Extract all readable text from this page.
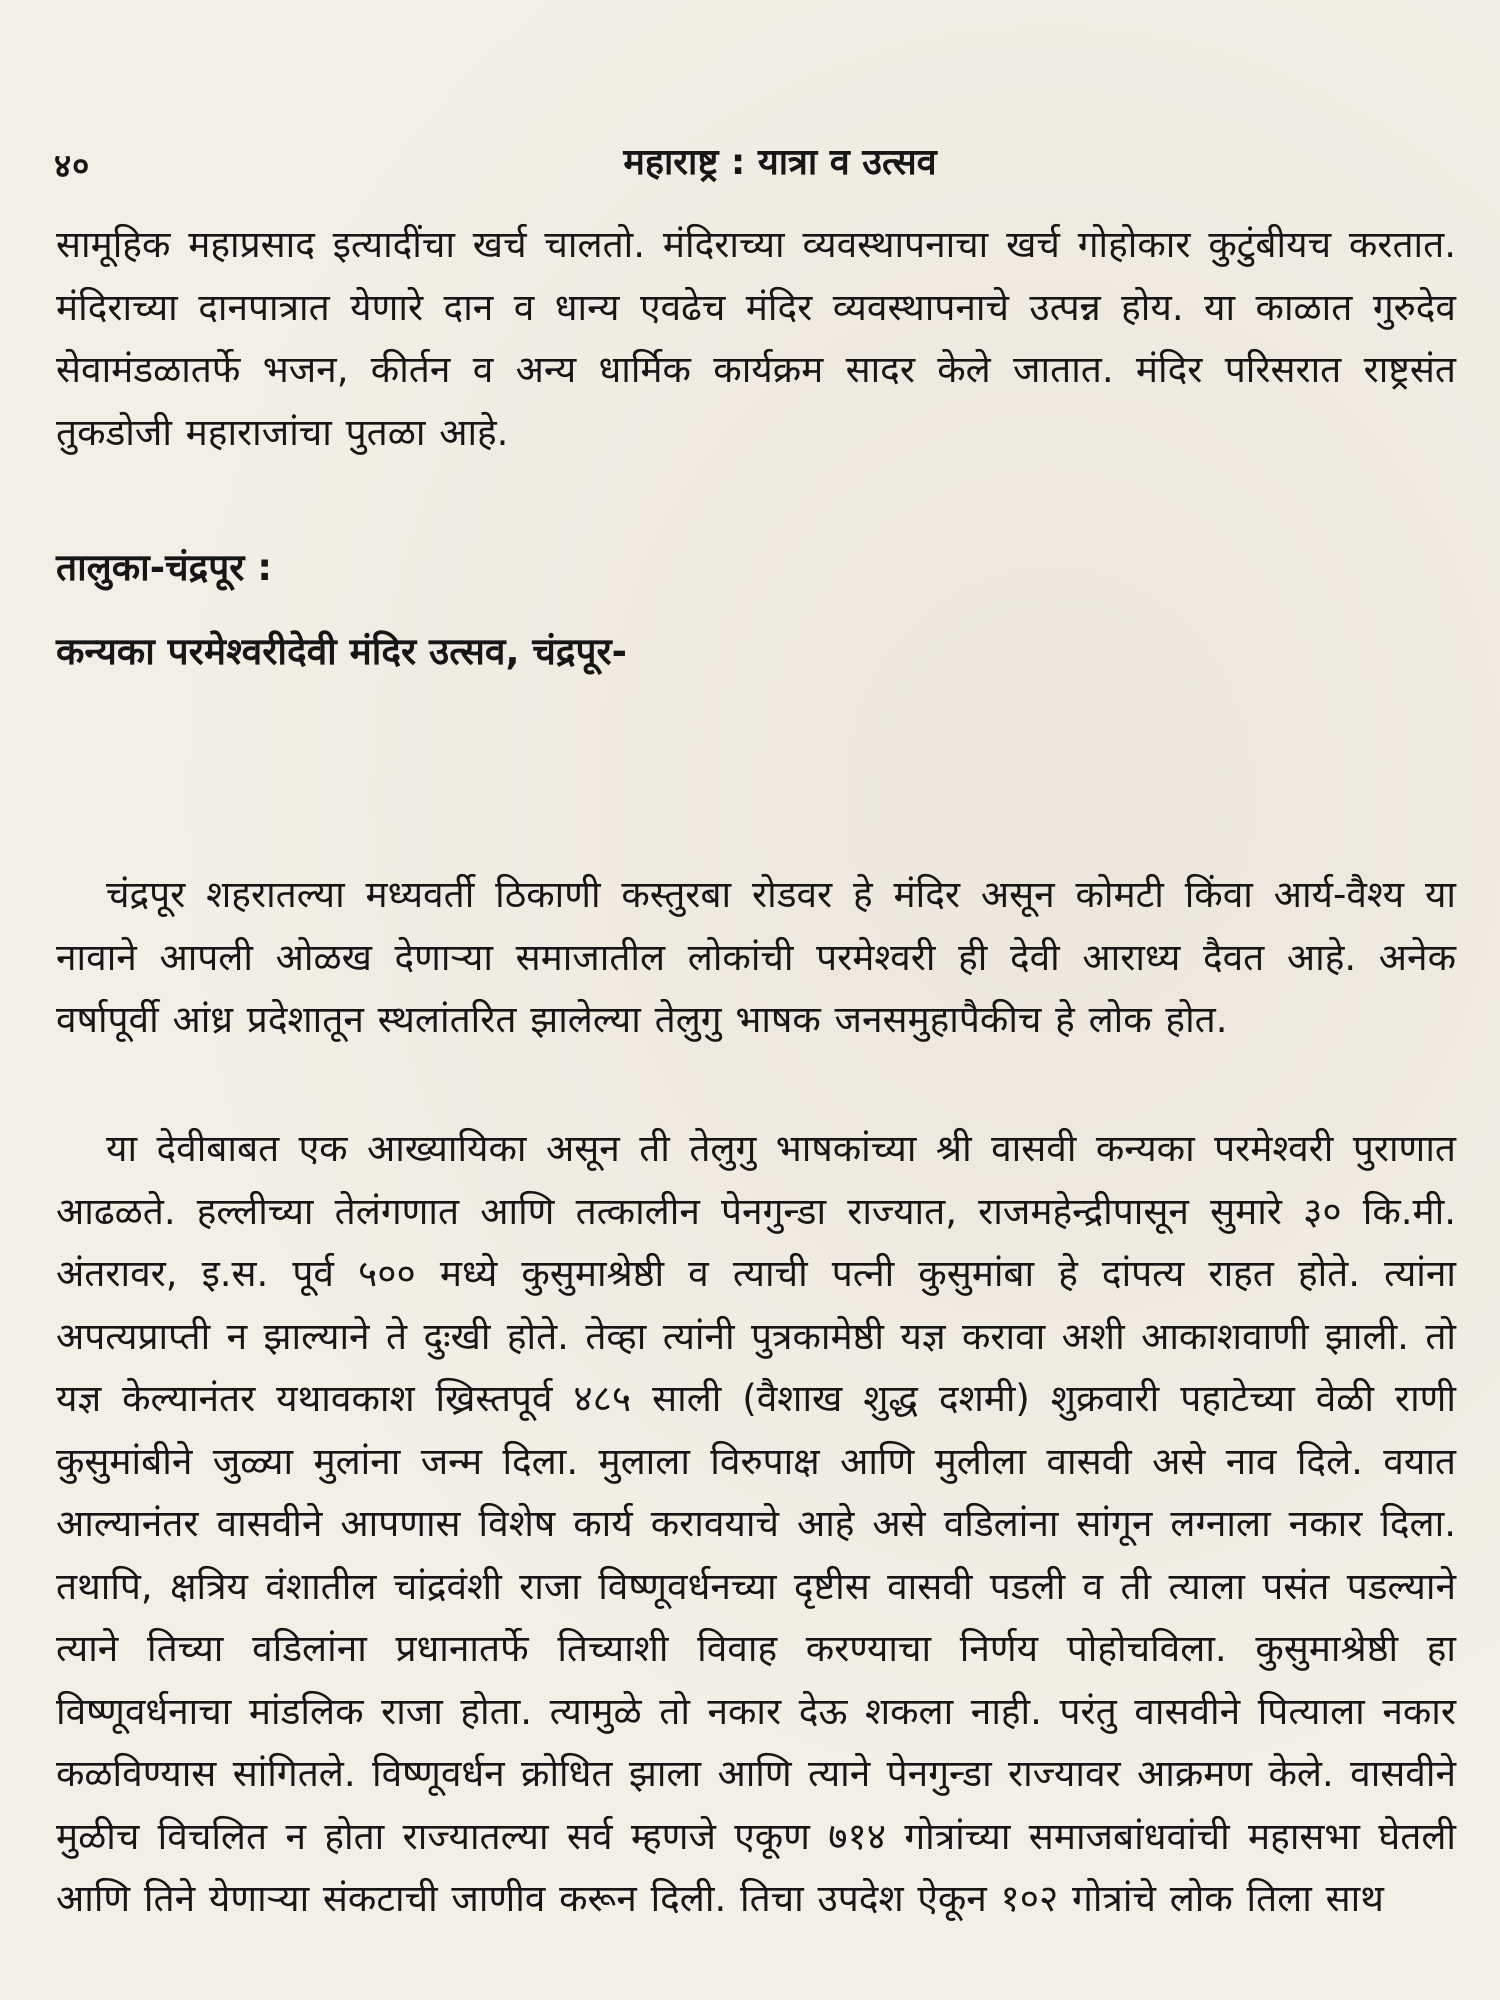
४०	महाराष्ट्र : यात्रा व उत्सव

सामूहिक महाप्रसाद इत्यादींचा खर्च चालतो. मंदिराच्या व्यवस्थापनाचा खर्च गोहोकार कुटुंबीयच करतात. मंदिराच्या दानपात्रात येणारे दान व धान्य एवढेच मंदिर व्यवस्थापनाचे उत्पन्न होय. या काळात गुरुदेव सेवामंडळातर्फे भजन, कीर्तन व अन्य धार्मिक कार्यक्रम सादर केले जातात. मंदिर परिसरात राष्ट्रसंत तुकडोजी महाराजांचा पुतळा आहे.

तालुका-चंद्रपूर :
कन्यका परमेश्वरीदेवी मंदिर उत्सव, चंद्रपूर-

चंद्रपूर शहरातल्या मध्यवर्ती ठिकाणी कस्तुरबा रोडवर हे मंदिर असून कोमटी किंवा आर्य-वैश्य या नावाने आपली ओळख देणाऱ्या समाजातील लोकांची परमेश्वरी ही देवी आराध्य दैवत आहे. अनेक वर्षापूर्वी आंध्र प्रदेशातून स्थलांतरित झालेल्या तेलुगु भाषक जनसमुहापैकीच हे लोक होत.

या देवीबाबत एक आख्यायिका असून ती तेलुगु भाषकांच्या श्री वासवी कन्यका परमेश्वरी पुराणात आढळते. हल्लीच्या तेलंगणात आणि तत्कालीन पेनगुन्डा राज्यात, राजमहेन्द्रीपासून सुमारे ३० कि.मी. अंतरावर, इ.स. पूर्व ५०० मध्ये कुसुमाश्रेष्ठी व त्याची पत्नी कुसुमांबा हे दांपत्य राहत होते. त्यांना अपत्यप्राप्ती न झाल्याने ते दुःखी होते. तेव्हा त्यांनी पुत्रकामेष्ठी यज्ञ करावा अशी आकाशवाणी झाली. तो यज्ञ केल्यानंतर यथावकाश ख्रिस्तपूर्व ४८५ साली (वैशाख शुद्ध दशमी) शुक्रवारी पहाटेच्या वेळी राणी कुसुमांबीने जुळ्या मुलांना जन्म दिला. मुलाला विरुपाक्ष आणि मुलीला वासवी असे नाव दिले. वयात आल्यानंतर वासवीने आपणास विशेष कार्य करावयाचे आहे असे वडिलांना सांगून लग्नाला नकार दिला. तथापि, क्षत्रिय वंशातील चांद्रवंशी राजा विष्णूवर्धनच्या दृष्टीस वासवी पडली व ती त्याला पसंत पडल्याने त्याने तिच्या वडिलांना प्रधानातर्फे तिच्याशी विवाह करण्याचा निर्णय पोहोचविला. कुसुमाश्रेष्ठी हा विष्णूवर्धनाचा मांडलिक राजा होता. त्यामुळे तो नकार देऊ शकला नाही. परंतु वासवीने पित्याला नकार कळविण्यास सांगितले. विष्णूवर्धन क्रोधित झाला आणि त्याने पेनगुन्डा राज्यावर आक्रमण केले. वासवीने मुळीच विचलित न होता राज्यातल्या सर्व म्हणजे एकूण ७१४ गोत्रांच्या समाजबांधवांची महासभा घेतली आणि तिने येणाऱ्या संकटाची जाणीव करून दिली. तिचा उपदेश ऐकून १०२ गोत्रांचे लोक तिला साथ
